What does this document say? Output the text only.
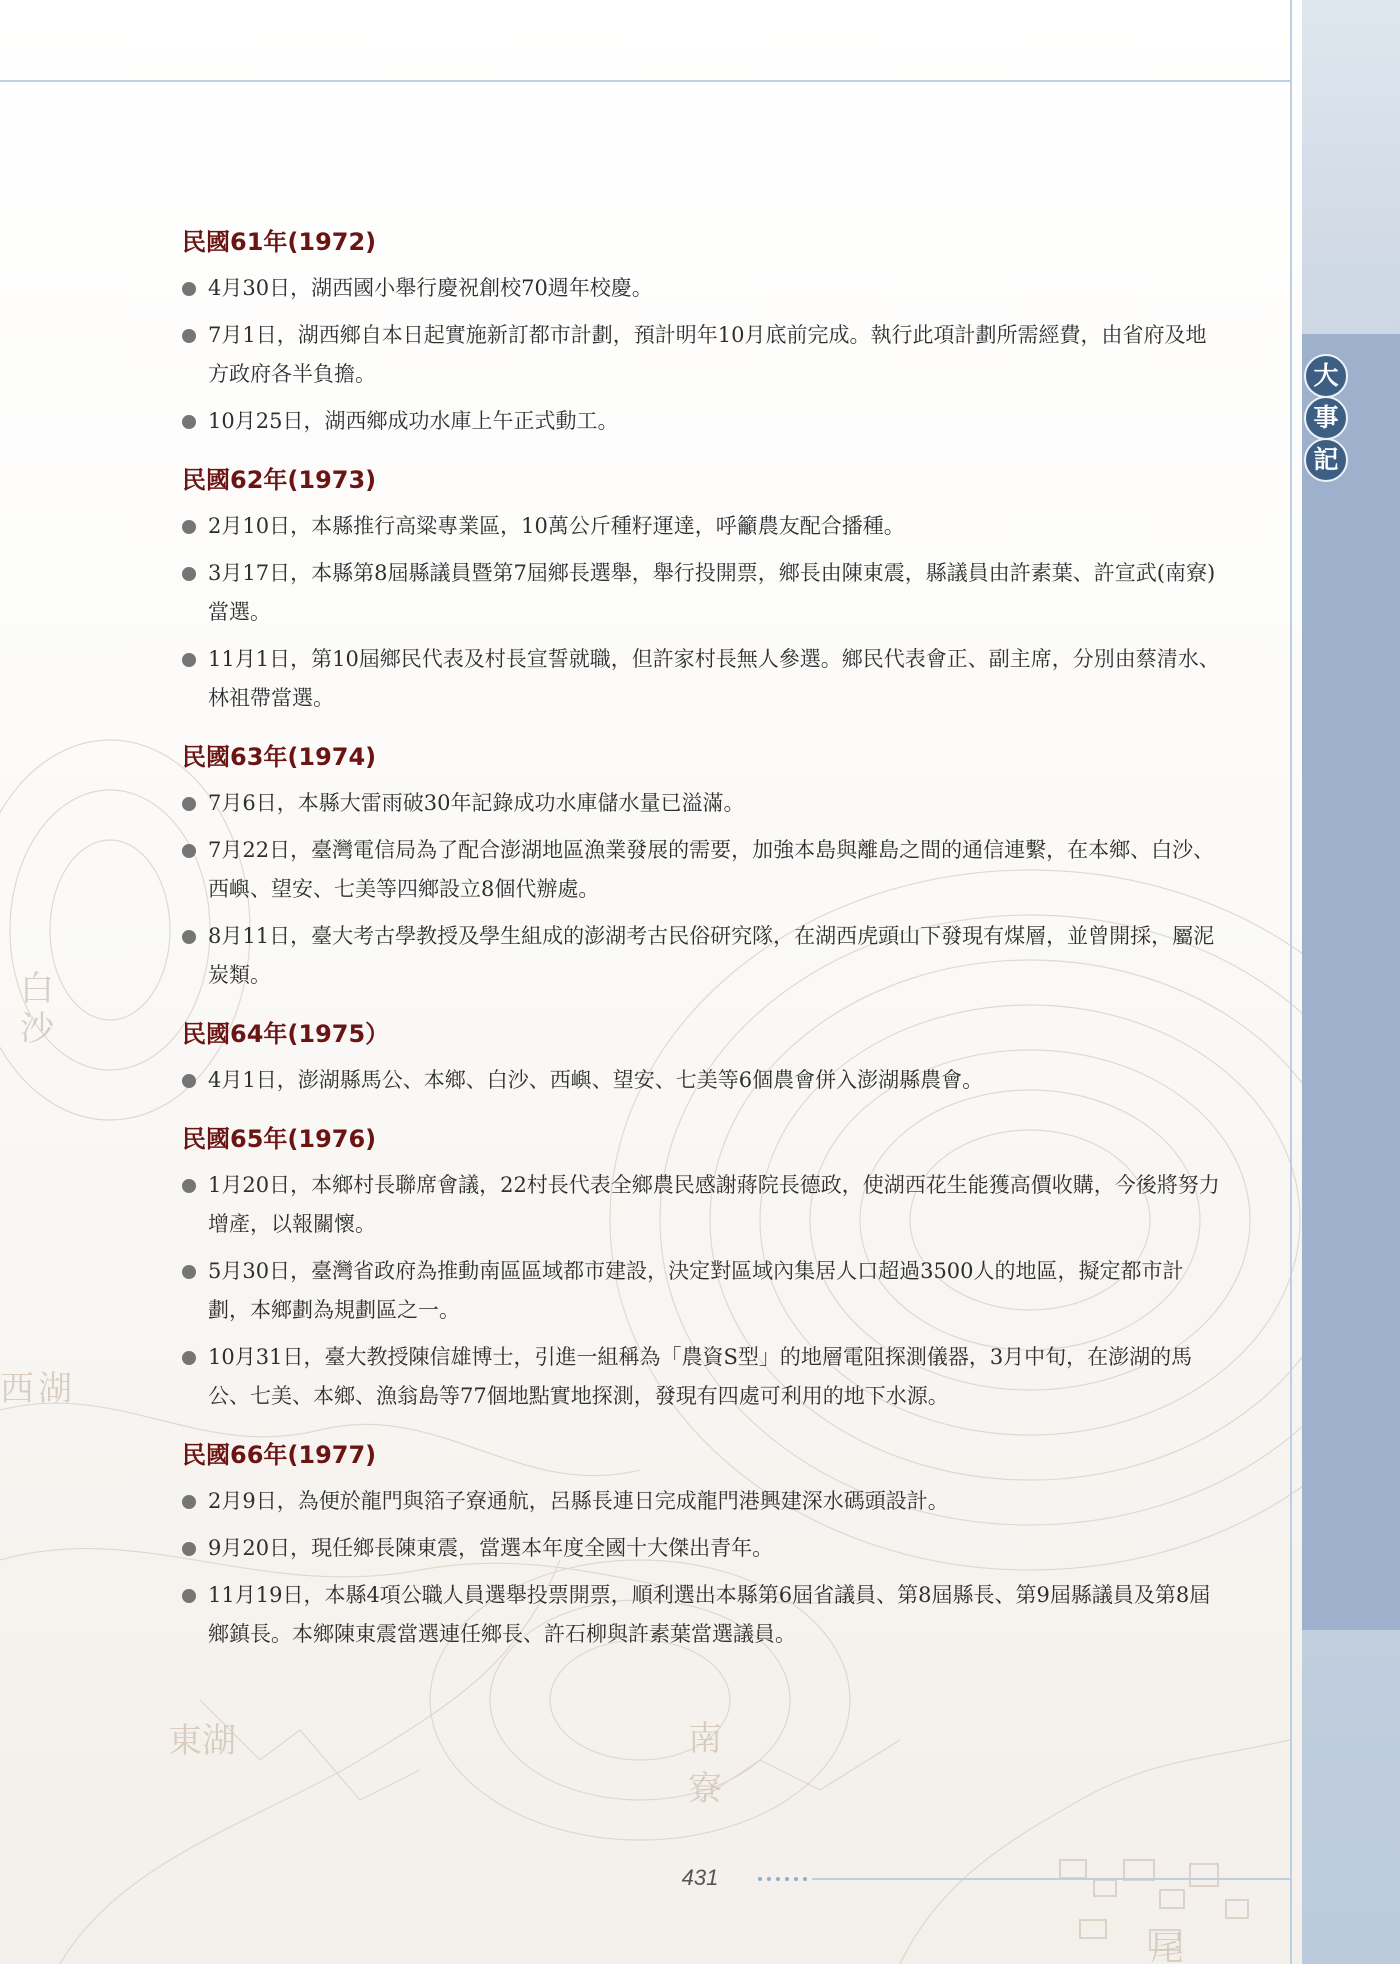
湖
西
東湖	南
寮
白
沙
尾
大
事
記
民國61年(1972)
4月30日，湖西國小舉行慶祝創校70週年校慶。
7月1日，湖西鄉自本日起實施新訂都市計劃，預計明年10月底前完成。執行此項計劃所需經費，由省府及地方政府各半負擔。
10月25日，湖西鄉成功水庫上午正式動工。
民國62年(1973)
2月10日，本縣推行高粱專業區，10萬公斤種籽運達，呼籲農友配合播種。
3月17日，本縣第8屆縣議員暨第7屆鄉長選舉，舉行投開票，鄉長由陳東震，縣議員由許素葉、許宣武(南寮)當選。
11月1日，第10屆鄉民代表及村長宣誓就職，但許家村長無人參選。鄉民代表會正、副主席，分別由蔡清水、林祖帶當選。
民國63年(1974)
7月6日，本縣大雷雨破30年記錄成功水庫儲水量已溢滿。
7月22日，臺灣電信局為了配合澎湖地區漁業發展的需要，加強本島與離島之間的通信連繫，在本鄉、白沙、西嶼、望安、七美等四鄉設立8個代辦處。
8月11日，臺大考古學教授及學生組成的澎湖考古民俗研究隊，在湖西虎頭山下發現有煤層，並曾開採，屬泥炭類。
民國64年(1975）
4月1日，澎湖縣馬公、本鄉、白沙、西嶼、望安、七美等6個農會併入澎湖縣農會。
民國65年(1976)
1月20日，本鄉村長聯席會議，22村長代表全鄉農民感謝蔣院長德政，使湖西花生能獲高價收購，今後將努力增產，以報關懷。
5月30日，臺灣省政府為推動南區區域都市建設，決定對區域內集居人口超過3500人的地區，擬定都市計劃，本鄉劃為規劃區之一。
10月31日，臺大教授陳信雄博士，引進一組稱為「農資S型」的地層電阻探測儀器，3月中旬，在澎湖的馬公、七美、本鄉、漁翁島等77個地點實地探測，發現有四處可利用的地下水源。
民國66年(1977)
2月9日，為便於龍門與箔子寮通航，呂縣長連日完成龍門港興建深水碼頭設計。
9月20日，現任鄉長陳東震，當選本年度全國十大傑出青年。
11月19日，本縣4項公職人員選舉投票開票，順利選出本縣第6屆省議員、第8屆縣長、第9屆縣議員及第8屆鄉鎮長。本鄉陳東震當選連任鄉長、許石柳與許素葉當選議員。
431
